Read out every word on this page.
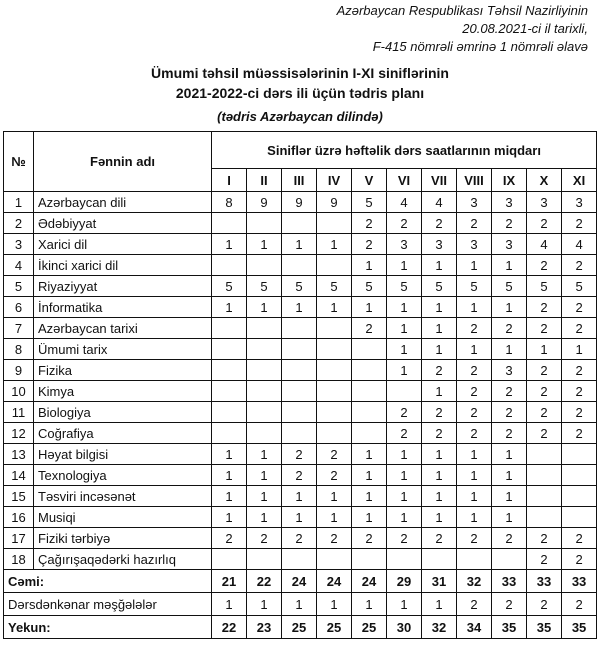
Azərbaycan Respublikası Təhsil Nazirliyinin
20.08.2021-ci il tarixli,
F-415 nömrəli əmrinə 1 nömrəli əlavə
Ümumi təhsil müəssisələrinin I-XI siniflərinin
2021-2022-ci dərs ili üçün tədris planı
(tədris Azərbaycan dilində)
№	Fənnin adı	Siniflər üzrə həftəlik dərs saatlarının miqdarı										
		I	II	III	IV	V	VI	VII	VIII	IX	X	XI
1	Azərbaycan dili	8	9	9	9	5	4	4	3	3	3	3
2	Ədəbiyyat					2	2	2	2	2	2	2
3	Xarici dil	1	1	1	1	2	3	3	3	3	4	4
4	İkinci xarici dil					1	1	1	1	1	2	2
5	Riyaziyyat	5	5	5	5	5	5	5	5	5	5	5
6	İnformatika	1	1	1	1	1	1	1	1	1	2	2
7	Azərbaycan tarixi					2	1	1	2	2	2	2
8	Ümumi tarix						1	1	1	1	1	1
9	Fizika						1	2	2	3	2	2
10	Kimya							1	2	2	2	2
11	Biologiya						2	2	2	2	2	2
12	Coğrafiya						2	2	2	2	2	2
13	Həyat bilgisi	1	1	2	2	1	1	1	1	1		
14	Texnologiya	1	1	2	2	1	1	1	1	1		
15	Təsviri incəsənət	1	1	1	1	1	1	1	1	1		
16	Musiqi	1	1	1	1	1	1	1	1	1		
17	Fiziki tərbiyə	2	2	2	2	2	2	2	2	2	2	2
18	Çağırışaqədərki hazırlıq										2	2
Cəmi:		21	22	24	24	24	29	31	32	33	33	33
Dərsdənkənar məşğələlər		1	1	1	1	1	1	1	2	2	2	2
Yekun:		22	23	25	25	25	30	32	34	35	35	35
